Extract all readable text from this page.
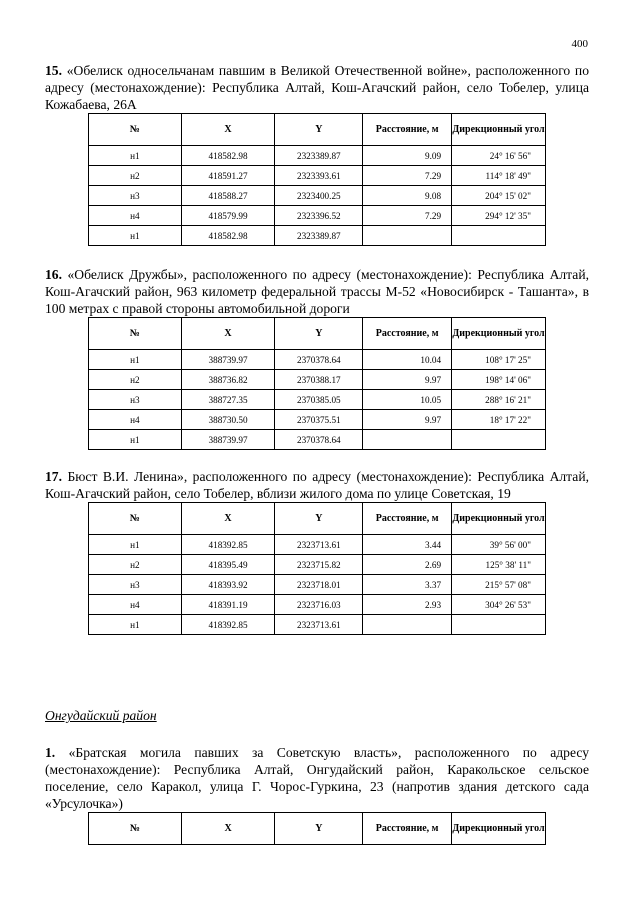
400

15. «Обелиск односельчанам павшим в Великой Отечественной войне», расположенного по адресу (местонахождение): Республика Алтай, Кош-Агачский район, село Тобелер, улица Кожабаева, 26А

№	X	Y	Расстояние, м	Дирекционный угол
н1	418582.98	2323389.87	9.09	24° 16' 56"
н2	418591.27	2323393.61	7.29	114° 18' 49"
н3	418588.27	2323400.25	9.08	204° 15' 02"
н4	418579.99	2323396.52	7.29	294° 12' 35"
н1	418582.98	2323389.87		

16. «Обелиск Дружбы», расположенного по адресу (местонахождение): Республика Алтай, Кош-Агачский район, 963 километр федеральной трассы М-52 «Новосибирск - Ташанта», в 100 метрах с правой стороны автомобильной дороги

№	X	Y	Расстояние, м	Дирекционный угол
н1	388739.97	2370378.64	10.04	108° 17' 25"
н2	388736.82	2370388.17	9.97	198° 14' 06"
н3	388727.35	2370385.05	10.05	288° 16' 21"
н4	388730.50	2370375.51	9.97	18° 17' 22"
н1	388739.97	2370378.64		

17. Бюст В.И. Ленина», расположенного по адресу (местонахождение): Республика Алтай, Кош-Агачский район, село Тобелер, вблизи жилого дома по улице Советская, 19

№	X	Y	Расстояние, м	Дирекционный угол
н1	418392.85	2323713.61	3.44	39° 56' 00"
н2	418395.49	2323715.82	2.69	125° 38' 11"
н3	418393.92	2323718.01	3.37	215° 57' 08"
н4	418391.19	2323716.03	2.93	304° 26' 53"
н1	418392.85	2323713.61		
Онгудайский район

1. «Братская могила павших за Советскую власть», расположенного по адресу (местонахождение): Республика Алтай, Онгудайский район, Каракольское сельское поселение, село Каракол, улица Г. Чорос-Гуркина, 23 (напротив здания детского сада «Урсулочка»)

№	X	Y	Расстояние, м	Дирекционный угол
